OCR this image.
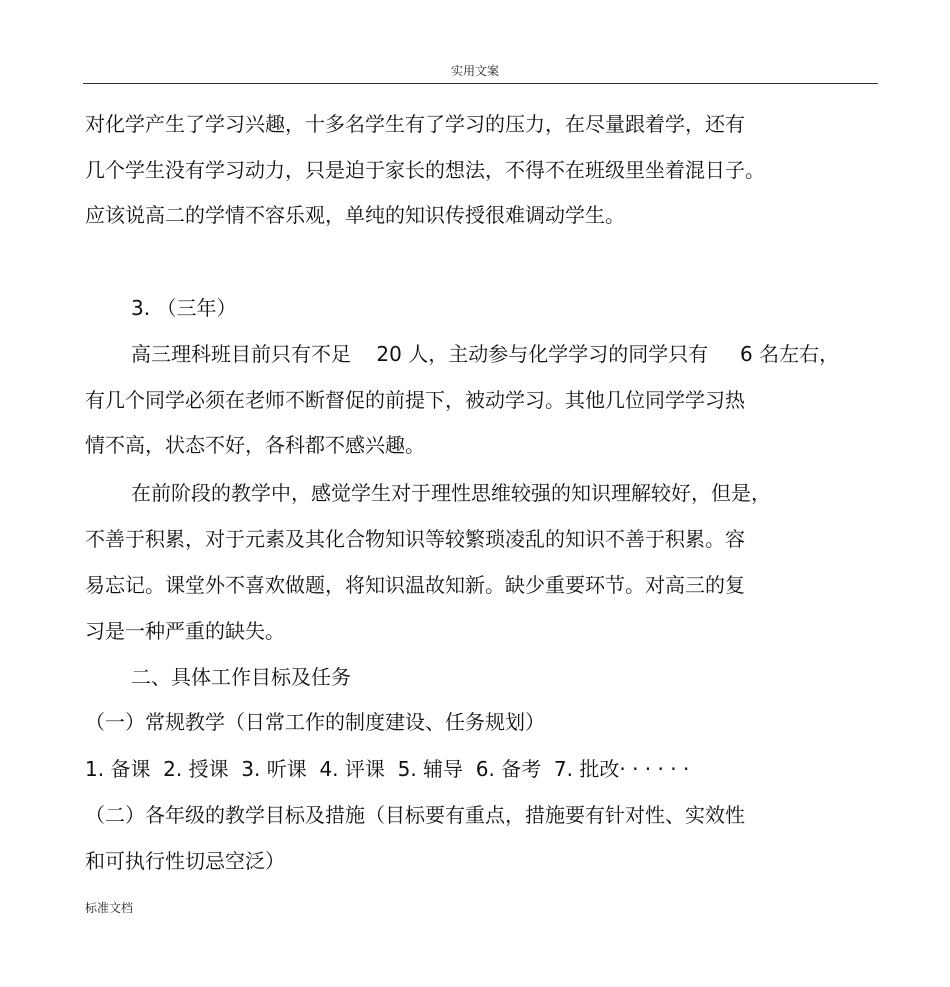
实用文案
对化学产生了学习兴趣，十多名学生有了学习的压力，在尽量跟着学，还有
几个学生没有学习动力，只是迫于家长的想法，不得不在班级里坐着混日子。
应该说高二的学情不容乐观，单纯的知识传授很难调动学生。
3. （三年）
高三理科班目前只有不足    20 人，主动参与化学学习的同学只有     6 名左右，
有几个同学必须在老师不断督促的前提下，被动学习。其他几位同学学习热
情不高，状态不好，各科都不感兴趣。
在前阶段的教学中，感觉学生对于理性思维较强的知识理解较好，但是，
不善于积累，对于元素及其化合物知识等较繁琐凌乱的知识不善于积累。容
易忘记。课堂外不喜欢做题，将知识温故知新。缺少重要环节。对高三的复
习是一种严重的缺失。
二、具体工作目标及任务
（一）常规教学（日常工作的制度建设、任务规划）
1. 备课  2. 授课  3. 听课  4. 评课  5. 辅导  6. 备考  7. 批改· · · · · ·
（二）各年级的教学目标及措施（目标要有重点，措施要有针对性、实效性
和可执行性切忌空泛）
标准文档
